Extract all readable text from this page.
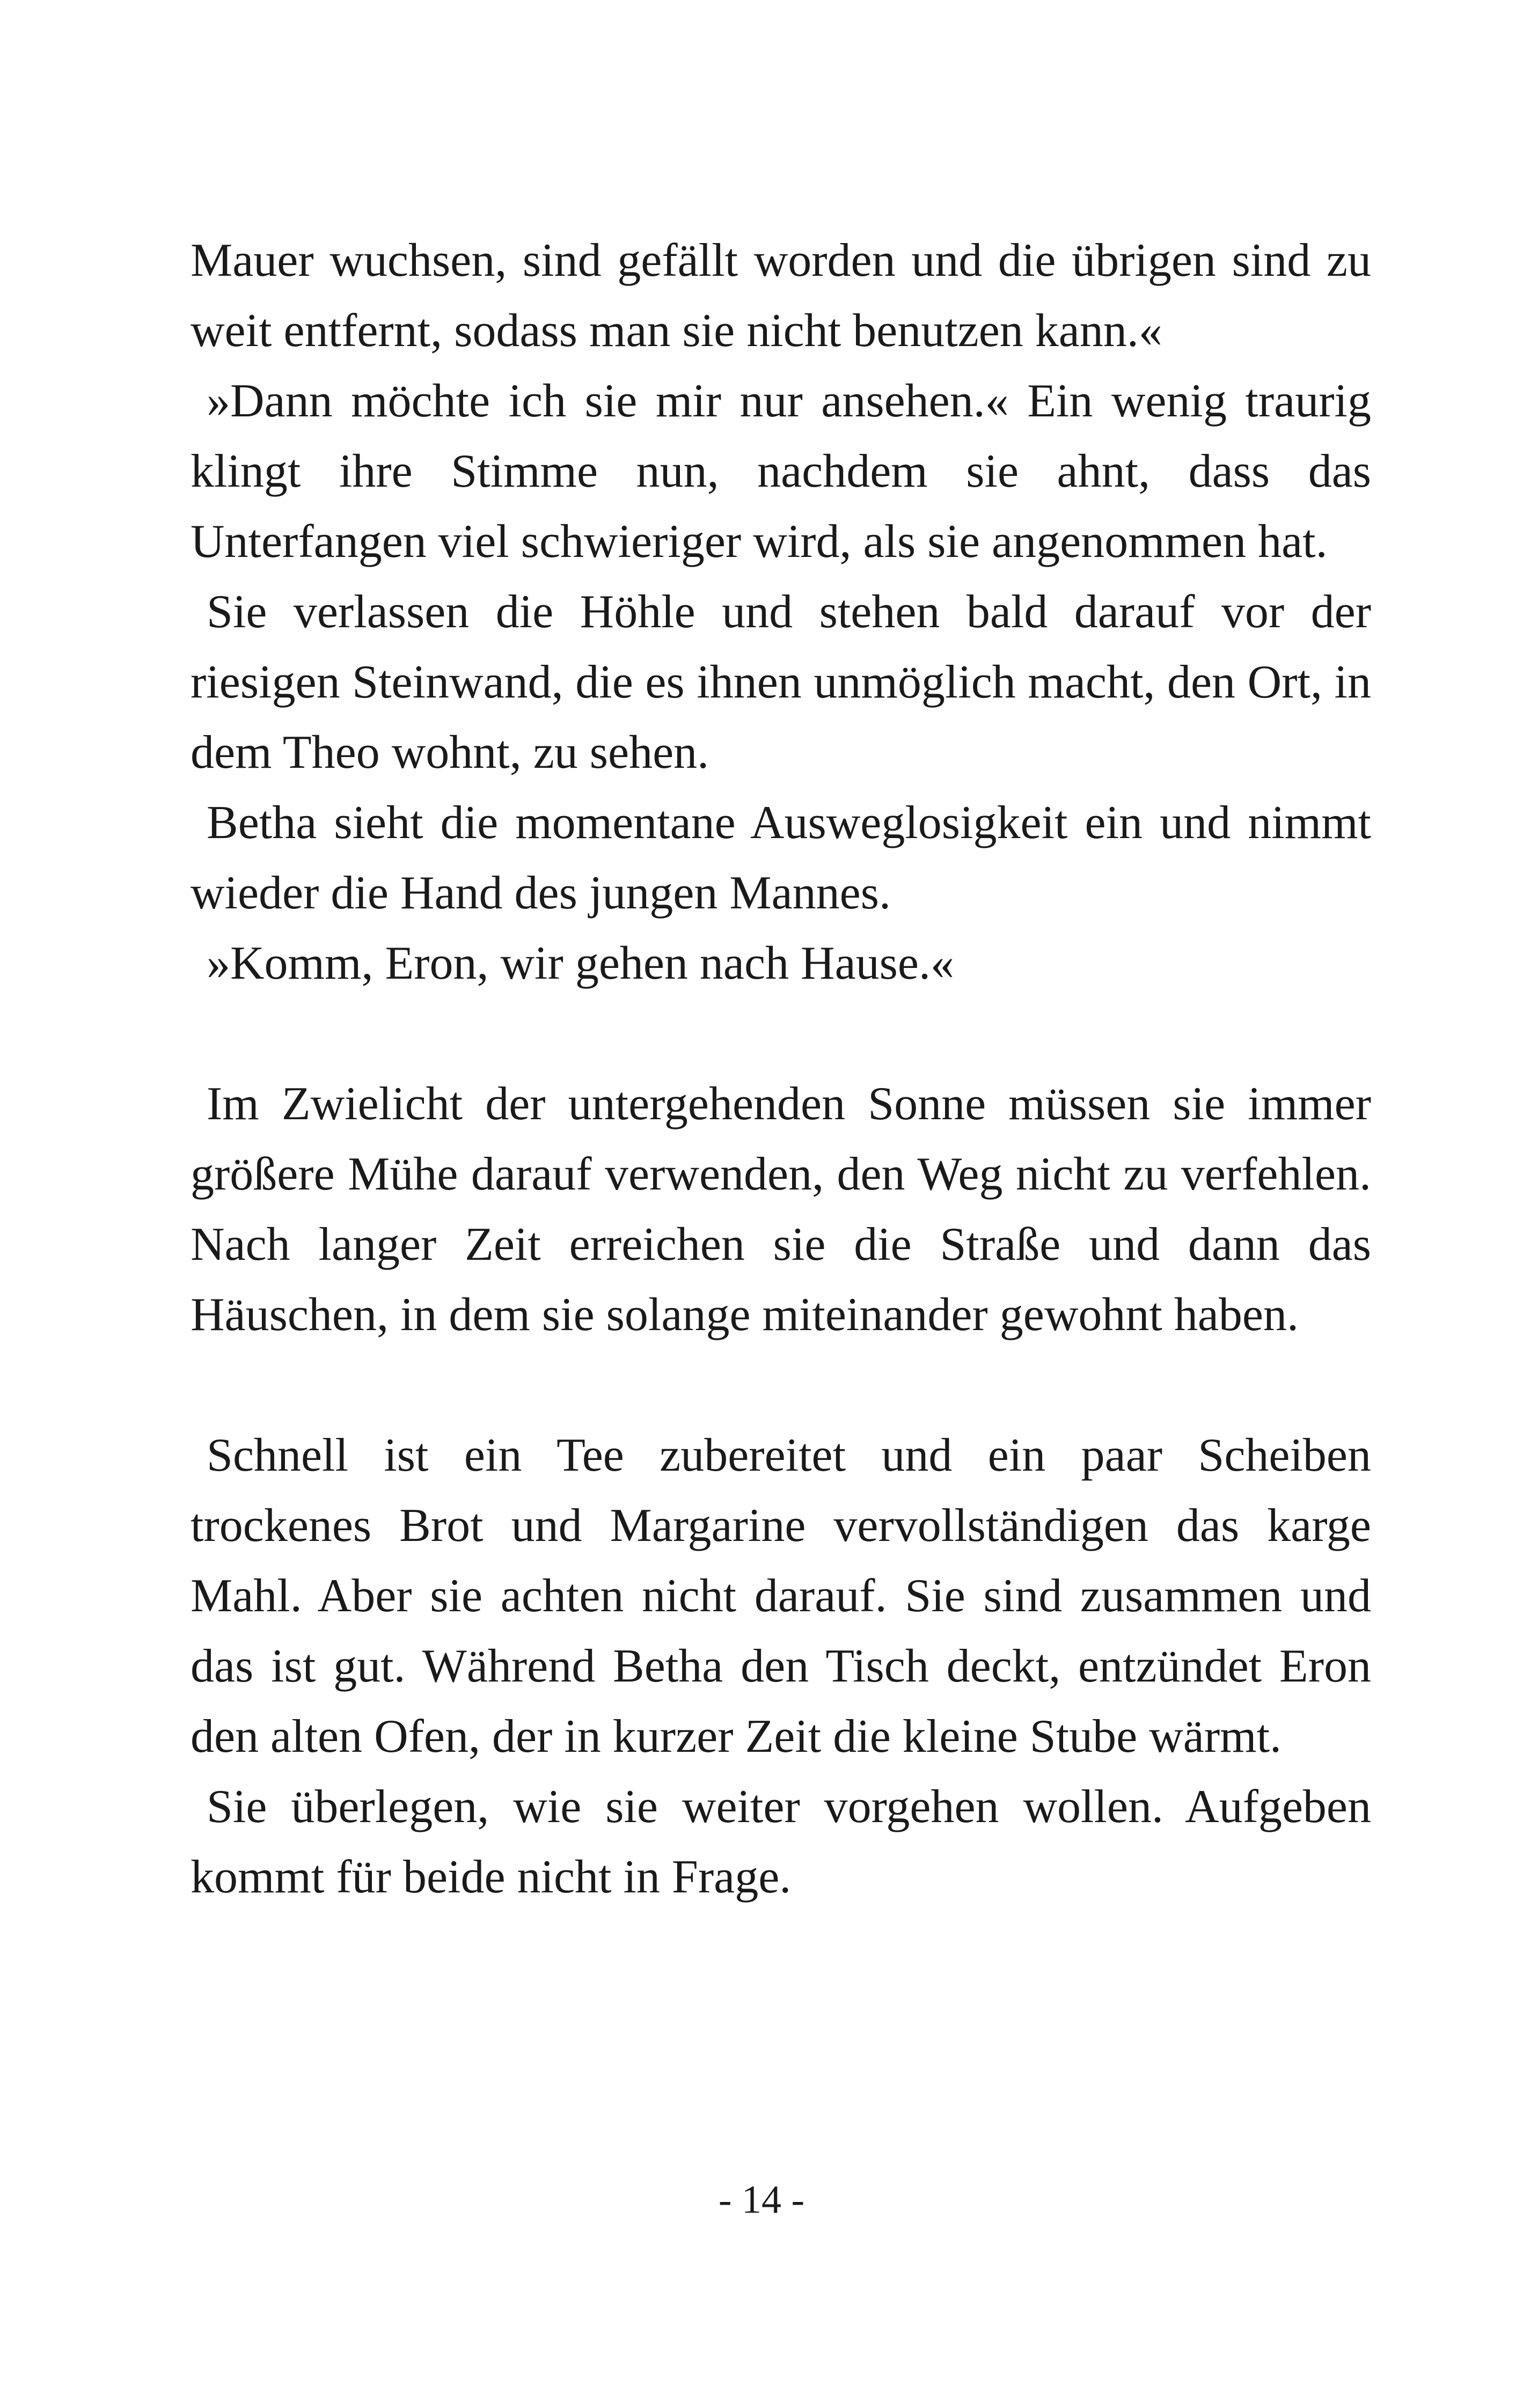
Mauer wuchsen, sind gefällt worden und die übrigen sind zu weit entfernt, sodass man sie nicht benutzen kann.«

»Dann möchte ich sie mir nur ansehen.« Ein wenig traurig klingt ihre Stimme nun, nachdem sie ahnt, dass das Unterfangen viel schwieriger wird, als sie angenommen hat.

Sie verlassen die Höhle und stehen bald darauf vor der riesigen Steinwand, die es ihnen unmöglich macht, den Ort, in dem Theo wohnt, zu sehen.

Betha sieht die momentane Ausweglosigkeit ein und nimmt wieder die Hand des jungen Mannes.

»Komm, Eron, wir gehen nach Hause.«

Im Zwielicht der untergehenden Sonne müssen sie immer größere Mühe darauf verwenden, den Weg nicht zu verfehlen. Nach langer Zeit erreichen sie die Straße und dann das Häuschen, in dem sie solange miteinander gewohnt haben.

Schnell ist ein Tee zubereitet und ein paar Scheiben trockenes Brot und Margarine vervollständigen das karge Mahl. Aber sie achten nicht darauf. Sie sind zusammen und das ist gut. Während Betha den Tisch deckt, entzündet Eron den alten Ofen, der in kurzer Zeit die kleine Stube wärmt.

Sie überlegen, wie sie weiter vorgehen wollen. Aufgeben kommt für beide nicht in Frage.

- 14 -
